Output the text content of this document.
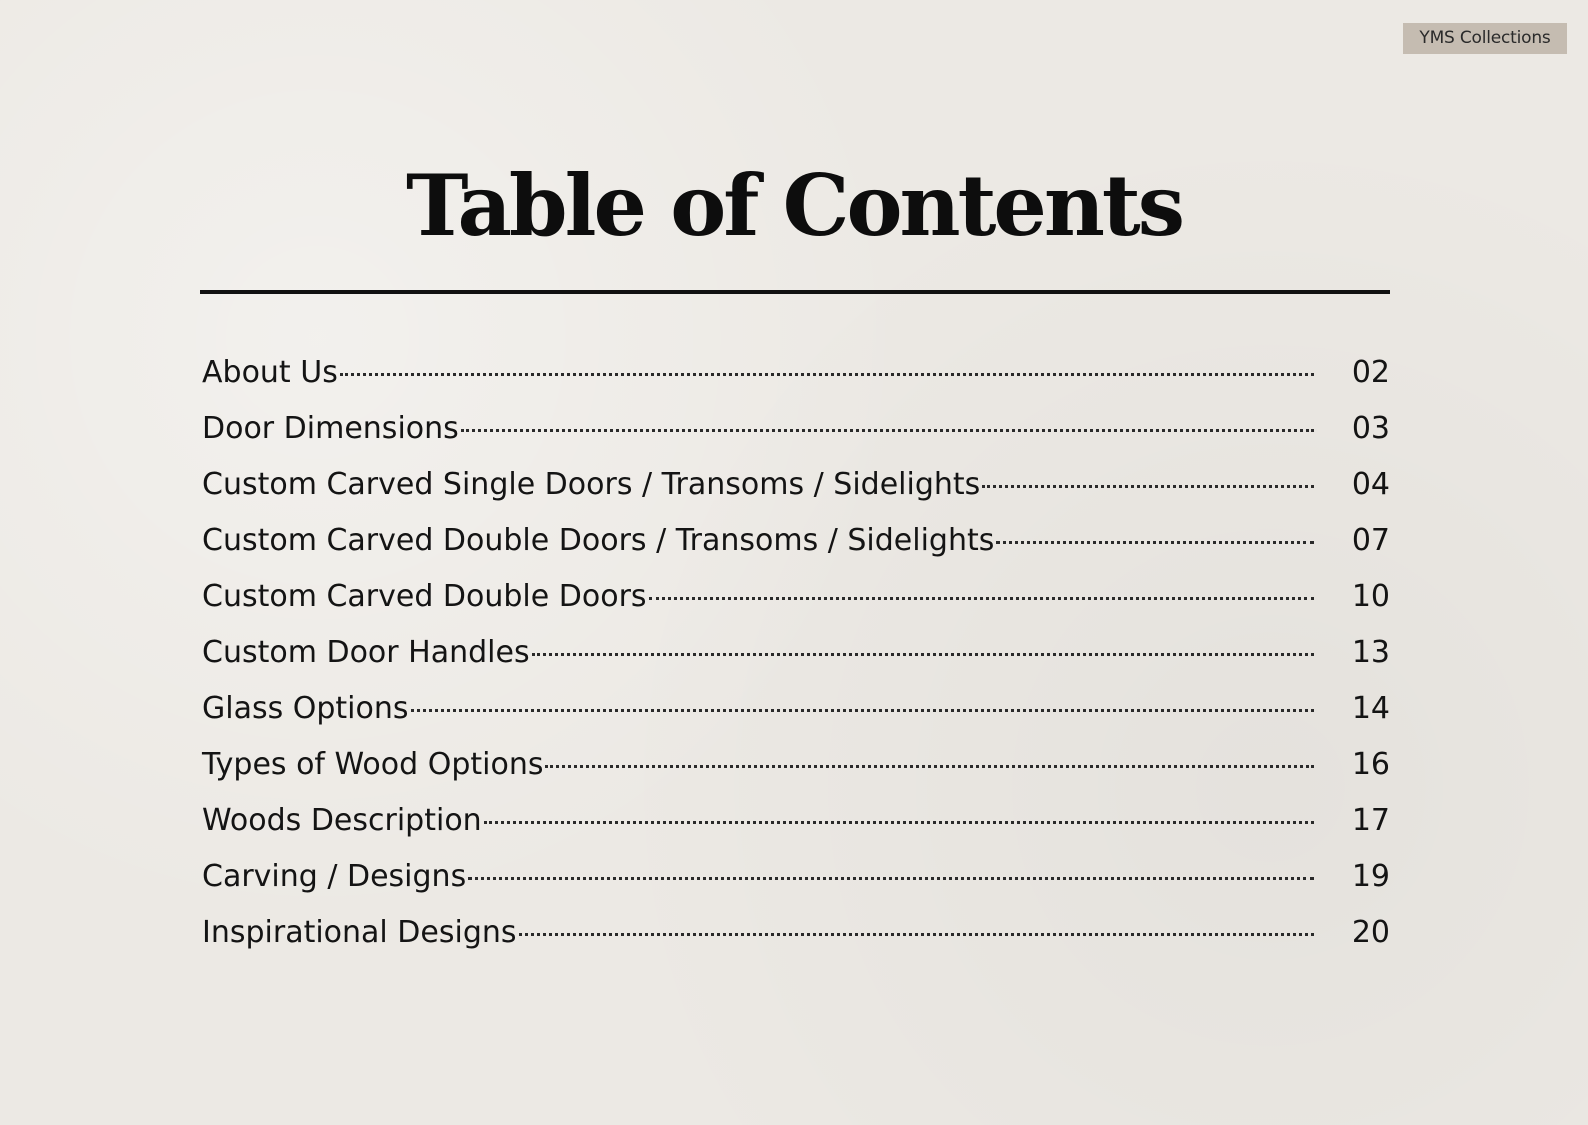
YMS Collections
Table of Contents
About Us	02
Door Dimensions	03
Custom Carved Single Doors / Transoms / Sidelights	04
Custom Carved Double Doors / Transoms / Sidelights	07
Custom Carved Double Doors	10
Custom Door Handles	13
Glass Options	14
Types of Wood Options	16
Woods Description	17
Carving / Designs	19
Inspirational Designs	20
